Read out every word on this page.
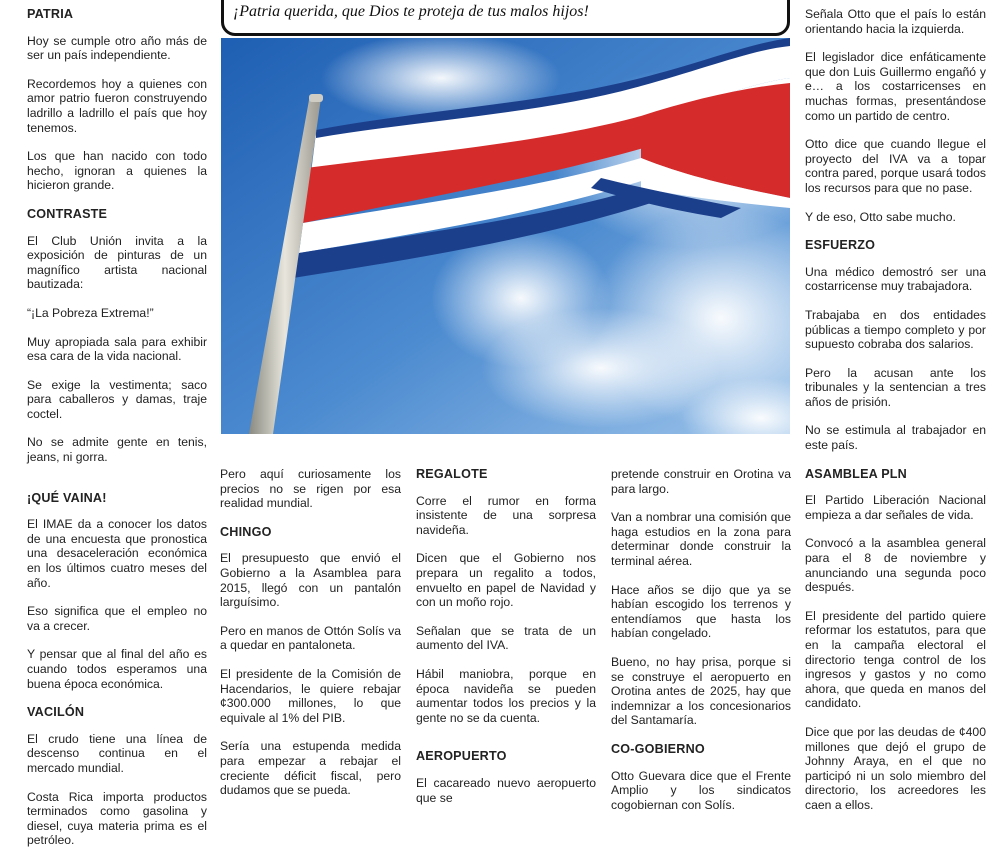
PATRIA

Hoy se cumple otro año más de ser un país independiente.

Recordemos hoy a quienes con amor patrio fueron construyendo ladrillo a ladrillo el país que hoy tenemos.

Los que han nacido con todo hecho, ignoran a quienes la hicieron grande.

CONTRASTE

El Club Unión invita a la exposición de pinturas de un magnífico artista nacional bautizada:

“¡La Pobreza Extrema!”

Muy apropiada sala para exhibir esa cara de la vida nacional.

Se exige la vestimenta; saco para caballeros y damas, traje coctel.

No se admite gente en tenis, jeans, ni gorra.

¡QUÉ VAINA!

El IMAE da a conocer los datos de una encuesta que pronostica una desaceleración económica en los últimos cuatro meses del año.

Eso significa que el empleo no va a crecer.

Y pensar que al final del año es cuando todos esperamos una buena época económica.

VACILÓN

El crudo tiene una línea de descenso continua en el mercado mundial.

Costa Rica importa productos terminados como gasolina y diesel, cuya materia prima es el petróleo.

¡Patria querida, que Dios te proteja de tus malos hijos!

Pero aquí curiosamente los precios no se rigen por esa realidad mundial.

CHINGO

El presupuesto que envió el Gobierno a la Asamblea para 2015, llegó con un pantalón larguísimo.

Pero en manos de Ottón Solís va a quedar en pantaloneta.

El presidente de la Comisión de Hacendarios, le quiere rebajar ¢300.000 millones, lo que equivale al 1% del PIB.

Sería una estupenda medida para empezar a rebajar el creciente déficit fiscal, pero dudamos que se pueda.

REGALOTE

Corre el rumor en forma insistente de una sorpresa navideña.

Dicen que el Gobierno nos prepara un regalito a todos, envuelto en papel de Navidad y con un moño rojo.

Señalan que se trata de un aumento del IVA.

Hábil maniobra, porque en época navideña se pueden aumentar todos los precios y la gente no se da cuenta.

AEROPUERTO

El cacareado nuevo aeropuerto que se

pretende construir en Orotina va para largo.

Van a nombrar una comisión que haga estudios en la zona para determinar donde construir la terminal aérea.

Hace años se dijo que ya se habían escogido los terrenos y entendíamos que hasta los habían congelado.

Bueno, no hay prisa, porque si se construye el aeropuerto en Orotina antes de 2025, hay que indemnizar a los concesionarios del Santamaría.

CO-GOBIERNO

Otto Guevara dice que el Frente Amplio y los sindicatos cogobiernan con Solís.

Señala Otto que el país lo están orientando hacia la izquierda.

El legislador dice enfáticamente que don Luis Guillermo engañó y e… a los costarricenses en muchas formas, presentándose como un partido de centro.

Otto dice que cuando llegue el proyecto del IVA va a topar contra pared, porque usará todos los recursos para que no pase.

Y de eso, Otto sabe mucho.

ESFUERZO

Una médico demostró ser una costarricense muy trabajadora.

Trabajaba en dos entidades públicas a tiempo completo y por supuesto cobraba dos salarios.

Pero la acusan ante los tribunales y la sentencian a tres años de prisión.

No se estimula al trabajador en este país.

ASAMBLEA PLN

El Partido Liberación Nacional empieza a dar señales de vida.

Convocó a la asamblea general para el 8 de noviembre y anunciando una segunda poco después.

El presidente del partido quiere reformar los estatutos, para que en la campaña electoral el directorio tenga control de los ingresos y gastos y no como ahora, que queda en manos del candidato.

Dice que por las deudas de ¢400 millones que dejó el grupo de Johnny Araya, en el que no participó ni un solo miembro del directorio, los acreedores les caen a ellos.
